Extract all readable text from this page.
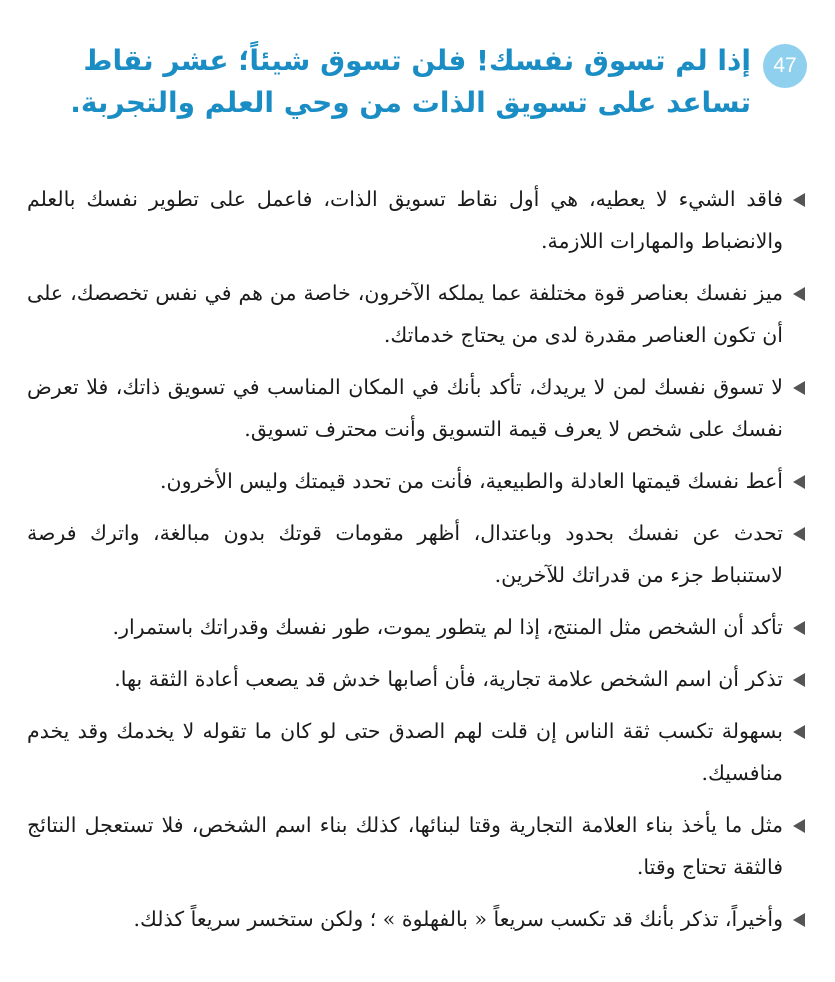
47
إذا لم تسوق نفسك! فلن تسوق شيئاً؛ عشر نقاط تساعد على تسويق الذات من وحي العلم والتجربة.
فاقد الشيء لا يعطيه، هي أول نقاط تسويق الذات، فاعمل على تطوير نفسك بالعلم والانضباط والمهارات اللازمة.
ميز نفسك بعناصر قوة مختلفة عما يملكه الآخرون، خاصة من هم في نفس تخصصك، على أن تكون العناصر مقدرة لدى من يحتاج خدماتك.
لا تسوق نفسك لمن لا يريدك، تأكد بأنك في المكان المناسب في تسويق ذاتك، فلا تعرض نفسك على شخص لا يعرف قيمة التسويق وأنت محترف تسويق.
أعط نفسك قيمتها العادلة والطبيعية، فأنت من تحدد قيمتك وليس الأخرون.
تحدث عن نفسك بحدود وباعتدال، أظهر مقومات قوتك بدون مبالغة، واترك فرصة لاستنباط جزء من قدراتك للآخرين.
تأكد أن الشخص مثل المنتج، إذا لم يتطور يموت، طور نفسك وقدراتك باستمرار.
تذكر أن اسم الشخص علامة تجارية، فأن أصابها خدش قد يصعب أعادة الثقة بها.
بسهولة تكسب ثقة الناس إن قلت لهم الصدق حتى لو كان ما تقوله لا يخدمك وقد يخدم منافسيك.
مثل ما يأخذ بناء العلامة التجارية وقتا لبنائها، كذلك بناء اسم الشخص، فلا تستعجل النتائج فالثقة تحتاج وقتا.
وأخيراً، تذكر بأنك قد تكسب سريعاً « بالفهلوة » ؛ ولكن ستخسر سريعاً كذلك.
